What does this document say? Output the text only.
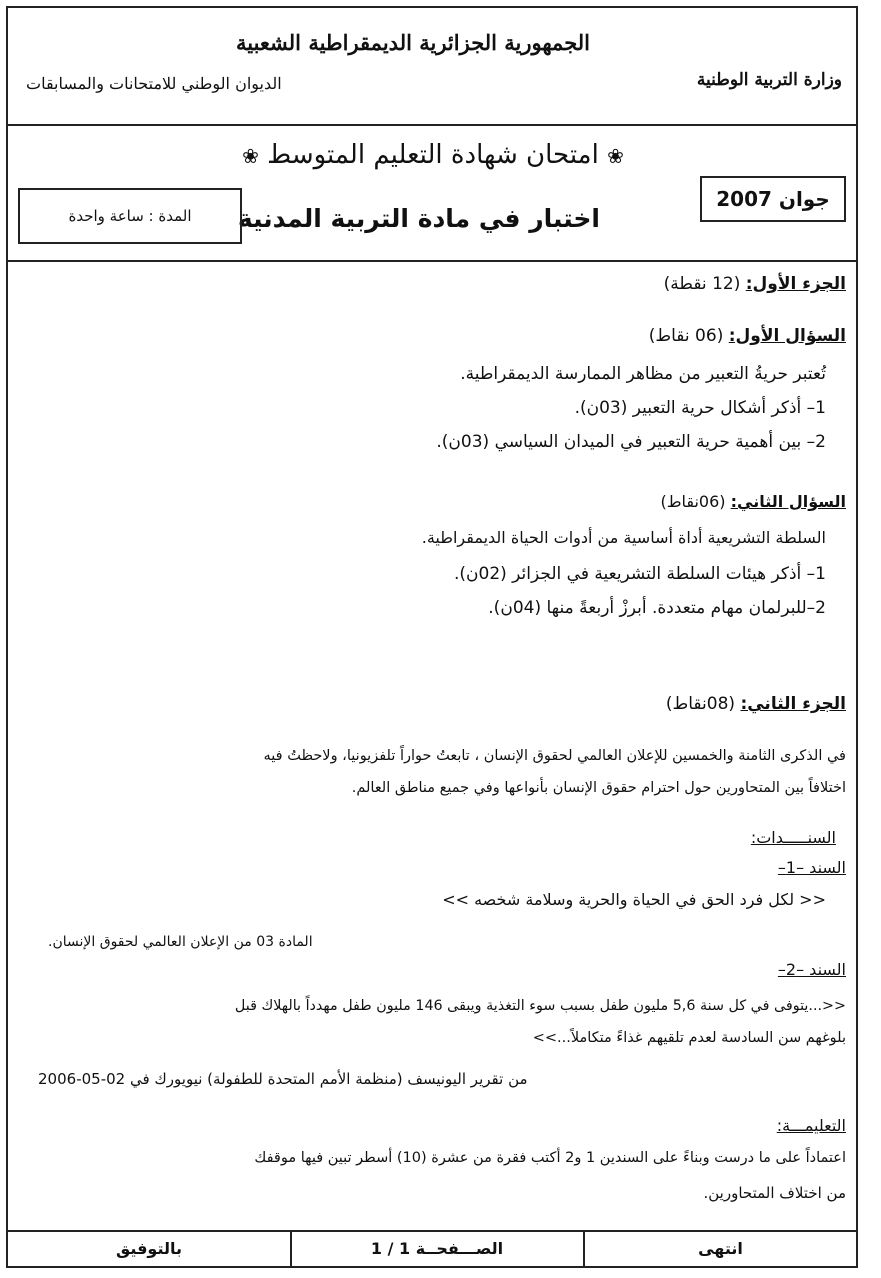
الجمهورية الجزائرية الديمقراطية الشعبية
وزارة التربية الوطنية
الديوان الوطني للامتحانات والمسابقات
❀ امتحان شهادة التعليم المتوسط ❀
اختبار في مادة التربية المدنية
جوان 2007
المدة : ساعة واحدة
الجزء الأول: (12 نقطة)
السؤال الأول: (06 نقاط)
تُعتبر حريةُ التعبير من مظاهر الممارسة الديمقراطية.
1– أذكر أشكال حرية التعبير (03ن).
2– بين أهمية حرية التعبير في الميدان السياسي (03ن).
السؤال الثاني: (06نقاط)
السلطة التشريعية أداة أساسية من أدوات الحياة الديمقراطية.
1– أذكر هيئات السلطة التشريعية في الجزائر (02ن).
2–للبرلمان مهام متعددة. أبرزْ أربعةً منها (04ن).
الجزء الثاني: (08نقاط)
في الذكرى الثامنة والخمسين للإعلان العالمي لحقوق الإنسان ، تابعتُ حواراً تلفزيونيا، ولاحظتُ فيه
اختلافاً بين المتحاورين حول احترام حقوق الإنسان بأنواعها وفي جميع مناطق العالم.
السنـــــدات:
السند –1–
<< لكل فرد الحق في الحياة والحرية وسلامة شخصه >>
المادة 03 من الإعلان العالمي لحقوق الإنسان.
السند –2–
<<...يتوفى في كل سنة 5,6 مليون طفل بسبب سوء التغذية ويبقى 146 مليون طفل مهدداً بالهلاك قبل
بلوغهم سن السادسة لعدم تلقيهم غذاءً متكاملاً...>>
من تقرير اليونيسف (منظمة الأمم المتحدة للطفولة) نيويورك في 02-05-2006
التعليمـــة:
اعتماداً على ما درست وبناءً على السندين 1 و2 أكتب فقرة من عشرة (10) أسطر تبين فيها موقفك
من اختلاف المتحاورين.
بالتوفيق	الصـــفحــة 1 / 1	انتهى
